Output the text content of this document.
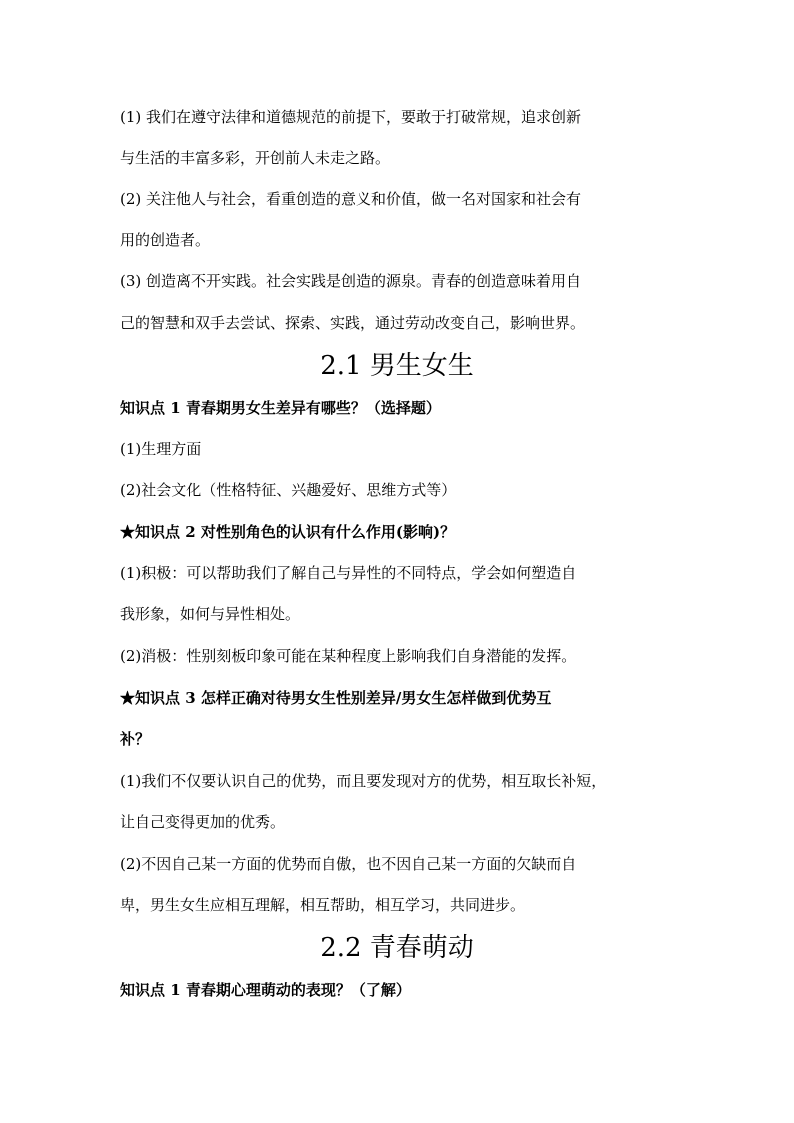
(1) 我们在遵守法律和道德规范的前提下，要敢于打破常规，追求创新
与生活的丰富多彩，开创前人未走之路。
(2) 关注他人与社会，看重创造的意义和价值，做一名对国家和社会有
用的创造者。
(3) 创造离不开实践。社会实践是创造的源泉。青春的创造意味着用自
己的智慧和双手去尝试、探索、实践，通过劳动改变自己，影响世界。
2.1 男生女生
知识点 1 青春期男女生差异有哪些？（选择题）
(1)生理方面
(2)社会文化（性格特征、兴趣爱好、思维方式等）
★知识点 2 对性别角色的认识有什么作用(影响)？
(1)积极：可以帮助我们了解自己与异性的不同特点，学会如何塑造自
我形象，如何与异性相处。
(2)消极：性别刻板印象可能在某种程度上影响我们自身潜能的发挥。
★知识点 3 怎样正确对待男女生性别差异/男女生怎样做到优势互
补？
(1)我们不仅要认识自己的优势，而且要发现对方的优势，相互取长补短，
让自己变得更加的优秀。
(2)不因自己某一方面的优势而自傲，也不因自己某一方面的欠缺而自
卑，男生女生应相互理解，相互帮助，相互学习，共同进步。
2.2 青春萌动
知识点 1 青春期心理萌动的表现？（了解）
